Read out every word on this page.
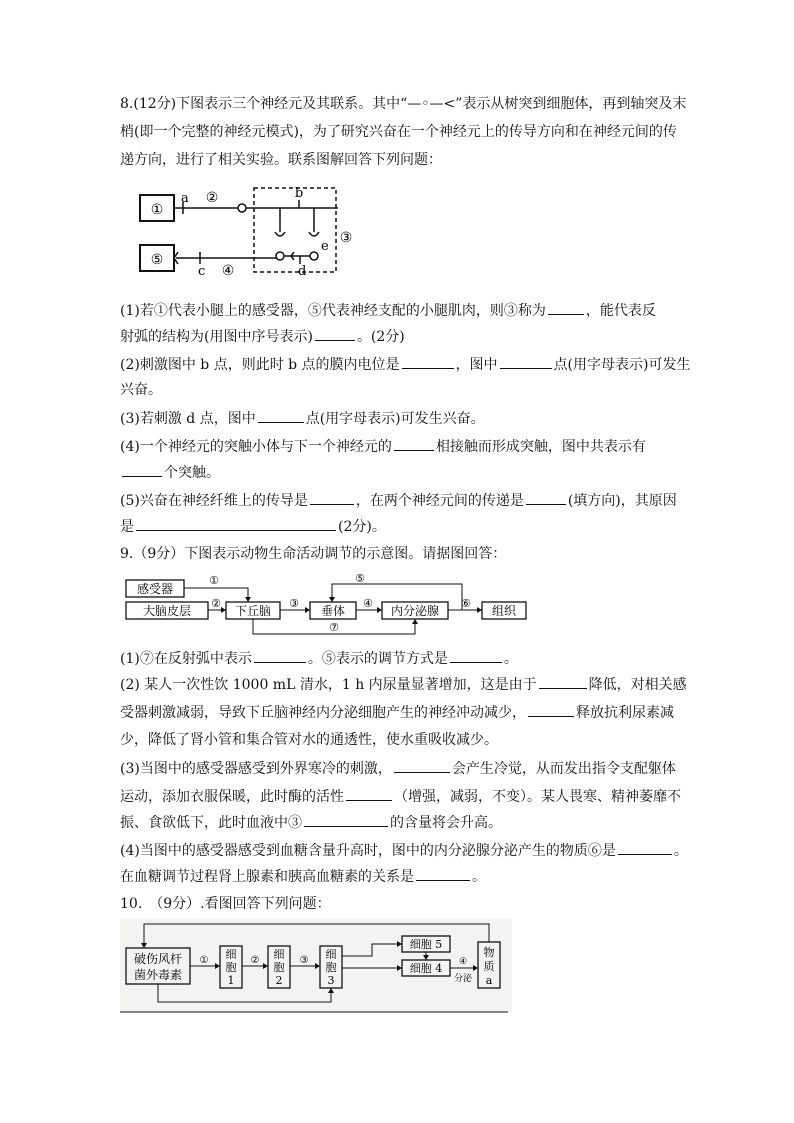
8.(12分)下图表示三个神经元及其联系。其中“—◦—<”表示从树突到细胞体，再到轴突及末
梢(即一个完整的神经元模式)，为了研究兴奋在一个神经元上的传导方向和在神经元间的传
递方向，进行了相关实验。联系图解回答下列问题：
①
a ②	b
e
③
⑤
c ④	d
(1)若①代表小腿上的感受器，⑤代表神经支配的小腿肌肉，则③称为	，能代表反
射弧的结构为(用图中序号表示)	。(2分)
(2)刺激图中 b 点，则此时 b 点的膜内电位是	，图中	点(用字母表示)可发生
兴奋。
(3)若刺激 d 点，图中	点(用字母表示)可发生兴奋。
(4)一个神经元的突触小体与下一个神经元的	相接触而形成突触，图中共表示有
个突触。
(5)兴奋在神经纤维上的传导是	，在两个神经元间的传递是	(填方向)，其原因
是	(2分)。
9.（9分）下图表示动物生命活动调节的示意图。请据图回答：
感受器
大脑皮层	下丘脑	垂体	内分泌腺	组织
①
②	③	④
⑤
⑥
⑦
(1)⑦在反射弧中表示	。⑤表示的调节方式是	。
(2) 某人一次性饮 1000 mL 清水，1 h 内尿量显著增加，这是由于	降低，对相关感
受器刺激减弱，导致下丘脑神经内分泌细胞产生的神经冲动减少，	释放抗利尿素减
少，降低了肾小管和集合管对水的通透性，使水重吸收减少。
(3)当图中的感受器感受到外界寒冷的刺激，	会产生冷觉，从而发出指令支配躯体
运动，添加衣服保暖，此时酶的活性	（增强，减弱，不变）。某人畏寒、精神萎靡不
振、食欲低下，此时血液中③	的含量将会升高。
(4)当图中的感受器感受到血糖含量升高时，图中的内分泌腺分泌产生的物质⑥是	。
在血糖调节过程肾上腺素和胰高血糖素的关系是	。
10.　（9分）.看图回答下列问题：
破伤风杆
菌外毒素
细
胞
1
细
胞
2
细
胞
3
细胞 5
细胞 4
物
质
a
①	②	③	④
分泌
